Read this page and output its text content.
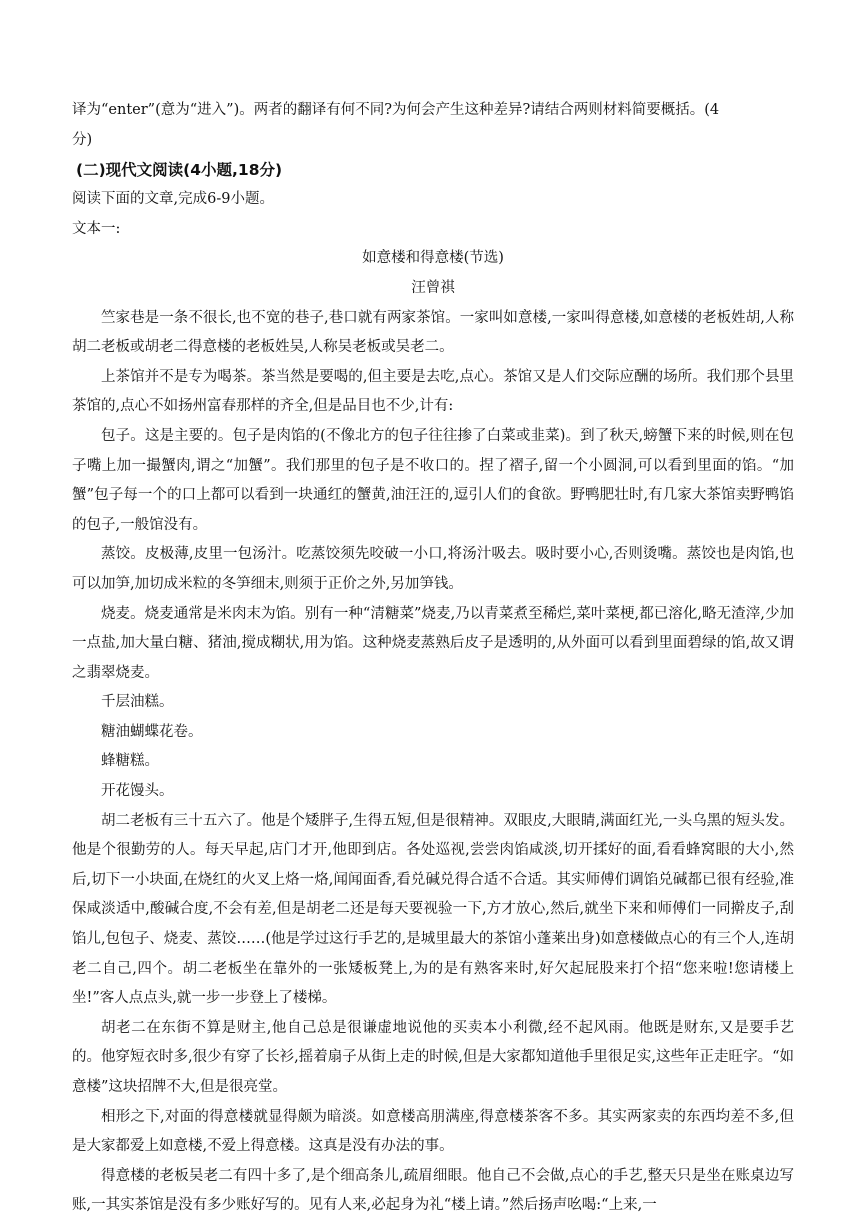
译为“enter”(意为“进入”)。两者的翻译有何不同?为何会产生这种差异?请结合两则材料简要概括。(4
分)
(二)现代文阅读(4小题,18分)
阅读下面的文章,完成6-9小题。
文本一:
如意楼和得意楼(节选)
汪曾祺

竺家巷是一条不很长,也不宽的巷子,巷口就有两家茶馆。一家叫如意楼,一家叫得意楼,如意楼的老板姓胡,人称胡二老板或胡老二得意楼的老板姓吴,人称吴老板或吴老二。

上茶馆并不是专为喝茶。茶当然是要喝的,但主要是去吃,点心。茶馆又是人们交际应酬的场所。我们那个县里茶馆的,点心不如扬州富春那样的齐全,但是品目也不少,计有:

包子。这是主要的。包子是肉馅的(不像北方的包子往往掺了白菜或韭菜)。到了秋天,螃蟹下来的时候,则在包子嘴上加一撮蟹肉,谓之“加蟹”。我们那里的包子是不收口的。捏了褶子,留一个小圆洞,可以看到里面的馅。“加蟹”包子每一个的口上都可以看到一块通红的蟹黄,油汪汪的,逗引人们的食欲。野鸭肥壮时,有几家大茶馆卖野鸭馅的包子,一般馆没有。

蒸饺。皮极薄,皮里一包汤汁。吃蒸饺须先咬破一小口,将汤汁吸去。吸时要小心,否则烫嘴。蒸饺也是肉馅,也可以加笋,加切成米粒的冬笋细末,则须于正价之外,另加笋钱。

烧麦。烧麦通常是米肉末为馅。别有一种“清糖菜”烧麦,乃以青菜煮至稀烂,菜叶菜梗,都已溶化,略无渣滓,少加一点盐,加大量白糖、猪油,搅成糊状,用为馅。这种烧麦蒸熟后皮子是透明的,从外面可以看到里面碧绿的馅,故又谓之翡翠烧麦。

千层油糕。

糖油蝴蝶花卷。

蜂糖糕。

开花馒头。

胡二老板有三十五六了。他是个矮胖子,生得五短,但是很精神。双眼皮,大眼睛,满面红光,一头乌黑的短头发。他是个很勤劳的人。每天早起,店门才开,他即到店。各处巡视,尝尝肉馅咸淡,切开揉好的面,看看蜂窝眼的大小,然后,切下一小块面,在烧红的火叉上烙一烙,闻闻面香,看兑碱兑得合适不合适。其实师傅们调馅兑碱都已很有经验,准保咸淡适中,酸碱合度,不会有差,但是胡老二还是每天要视验一下,方才放心,然后,就坐下来和师傅们一同擀皮子,刮馅儿,包包子、烧麦、蒸饺……(他是学过这行手艺的,是城里最大的茶馆小蓬莱出身)如意楼做点心的有三个人,连胡老二自己,四个。胡二老板坐在靠外的一张矮板凳上,为的是有熟客来时,好欠起屁股来打个招“您来啦!您请楼上坐!”客人点点头,就一步一步登上了楼梯。

胡老二在东街不算是财主,他自己总是很谦虚地说他的买卖本小利微,经不起风雨。他既是财东,又是要手艺的。他穿短衣时多,很少有穿了长衫,摇着扇子从街上走的时候,但是大家都知道他手里很足实,这些年正走旺字。“如意楼”这块招牌不大,但是很亮堂。

相形之下,对面的得意楼就显得颇为暗淡。如意楼高朋满座,得意楼茶客不多。其实两家卖的东西均差不多,但是大家都爱上如意楼,不爱上得意楼。这真是没有办法的事。

得意楼的老板吴老二有四十多了,是个细高条儿,疏眉细眼。他自己不会做,点心的手艺,整天只是坐在账桌边写账,一其实茶馆是没有多少账好写的。见有人来,必起身为礼“楼上请。”然后扬声吆喝:“上来,一
